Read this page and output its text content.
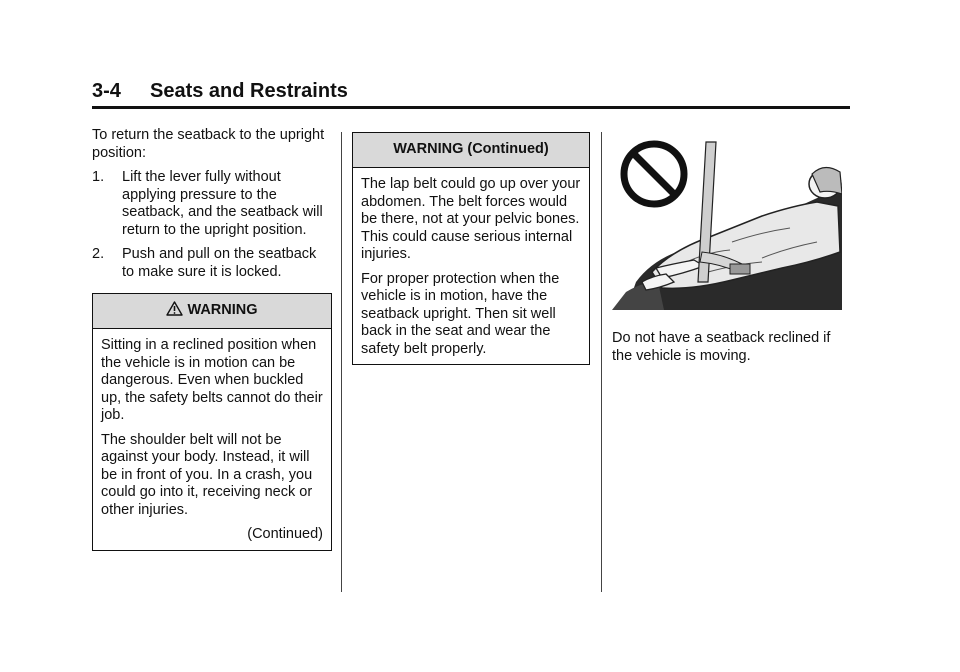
3-4 Seats and Restraints

To return the seatback to the upright position:

1. Lift the lever fully without applying pressure to the seatback, and the seatback will return to the upright position.
2. Push and pull on the seatback to make sure it is locked.
WARNING

Sitting in a reclined position when the vehicle is in motion can be dangerous. Even when buckled up, the safety belts cannot do their job.

The shoulder belt will not be against your body. Instead, it will be in front of you. In a crash, you could go into it, receiving neck or other injuries.

(Continued)

WARNING (Continued)

The lap belt could go up over your abdomen. The belt forces would be there, not at your pelvic bones. This could cause serious internal injuries.

For proper protection when the vehicle is in motion, have the seatback upright. Then sit well back in the seat and wear the safety belt properly.

Do not have a seatback reclined if the vehicle is moving.
